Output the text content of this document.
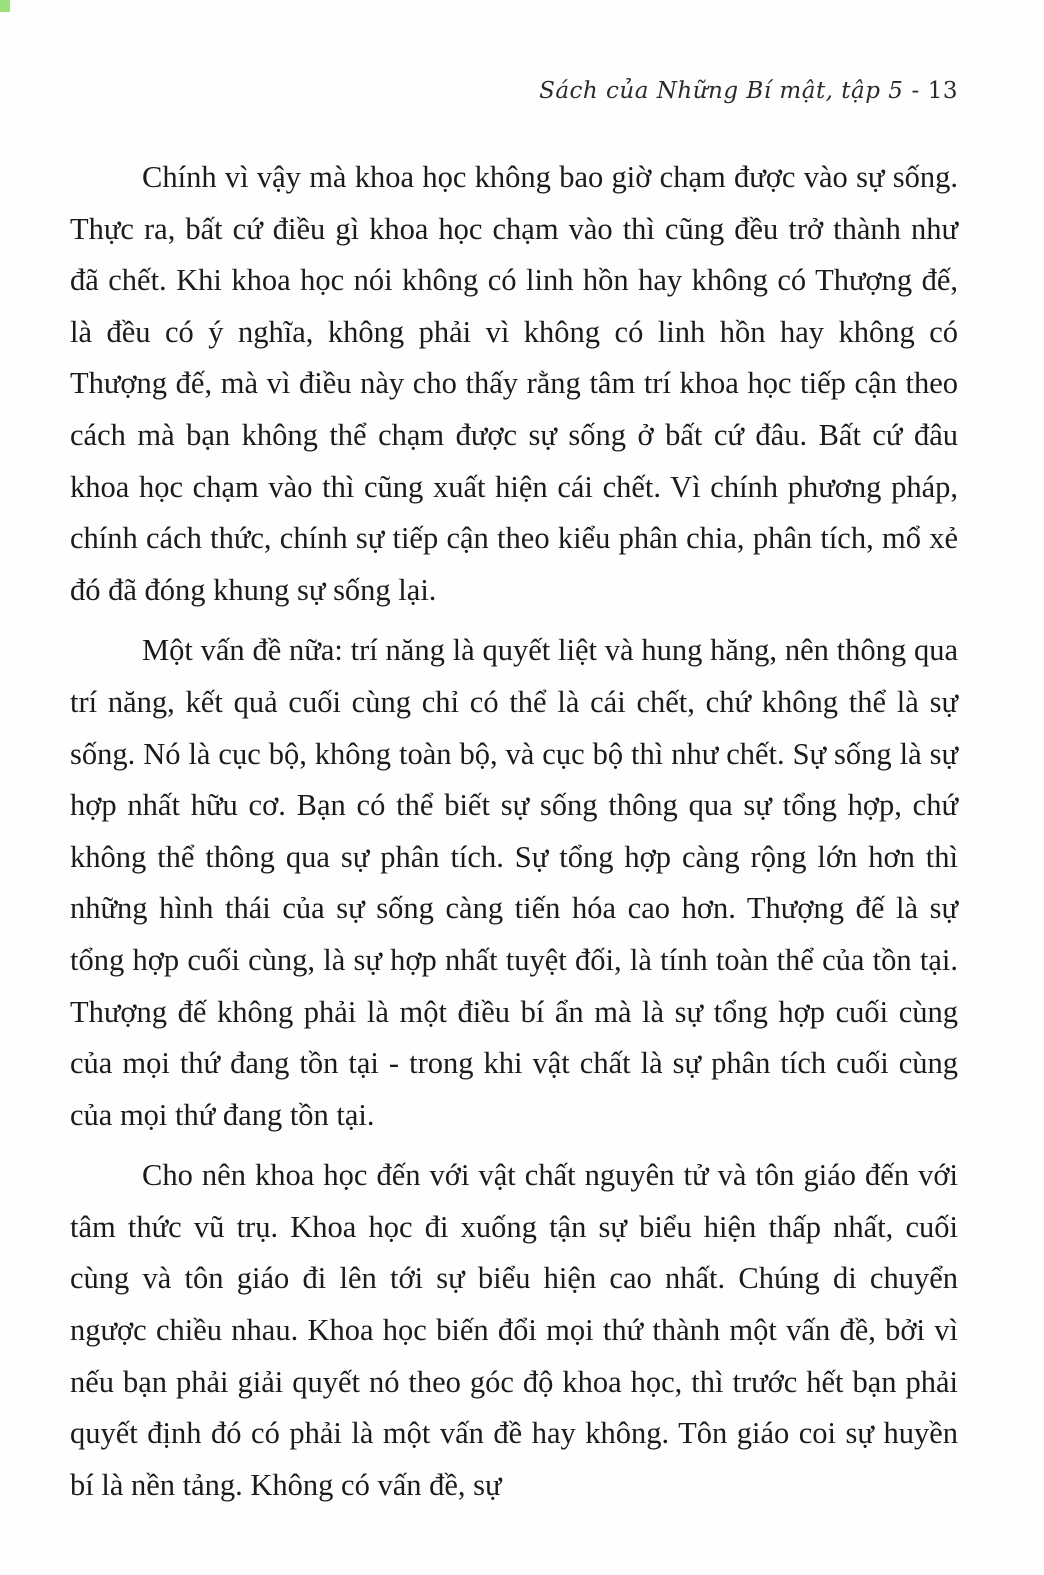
Sách của Những Bí mật, tập 5 - 13

Chính vì vậy mà khoa học không bao giờ chạm được vào sự sống. Thực ra, bất cứ điều gì khoa học chạm vào thì cũng đều trở thành như đã chết. Khi khoa học nói không có linh hồn hay không có Thượng đế, là đều có ý nghĩa, không phải vì không có linh hồn hay không có Thượng đế, mà vì điều này cho thấy rằng tâm trí khoa học tiếp cận theo cách mà bạn không thể chạm được sự sống ở bất cứ đâu. Bất cứ đâu khoa học chạm vào thì cũng xuất hiện cái chết. Vì chính phương pháp, chính cách thức, chính sự tiếp cận theo kiểu phân chia, phân tích, mổ xẻ đó đã đóng khung sự sống lại.

Một vấn đề nữa: trí năng là quyết liệt và hung hăng, nên thông qua trí năng, kết quả cuối cùng chỉ có thể là cái chết, chứ không thể là sự sống. Nó là cục bộ, không toàn bộ, và cục bộ thì như chết. Sự sống là sự hợp nhất hữu cơ. Bạn có thể biết sự sống thông qua sự tổng hợp, chứ không thể thông qua sự phân tích. Sự tổng hợp càng rộng lớn hơn thì những hình thái của sự sống càng tiến hóa cao hơn. Thượng đế là sự tổng hợp cuối cùng, là sự hợp nhất tuyệt đối, là tính toàn thể của tồn tại. Thượng đế không phải là một điều bí ẩn mà là sự tổng hợp cuối cùng của mọi thứ đang tồn tại - trong khi vật chất là sự phân tích cuối cùng của mọi thứ đang tồn tại.

Cho nên khoa học đến với vật chất nguyên tử và tôn giáo đến với tâm thức vũ trụ. Khoa học đi xuống tận sự biểu hiện thấp nhất, cuối cùng và tôn giáo đi lên tới sự biểu hiện cao nhất. Chúng di chuyển ngược chiều nhau. Khoa học biến đổi mọi thứ thành một vấn đề, bởi vì nếu bạn phải giải quyết nó theo góc độ khoa học, thì trước hết bạn phải quyết định đó có phải là một vấn đề hay không. Tôn giáo coi sự huyền bí là nền tảng. Không có vấn đề, sự
